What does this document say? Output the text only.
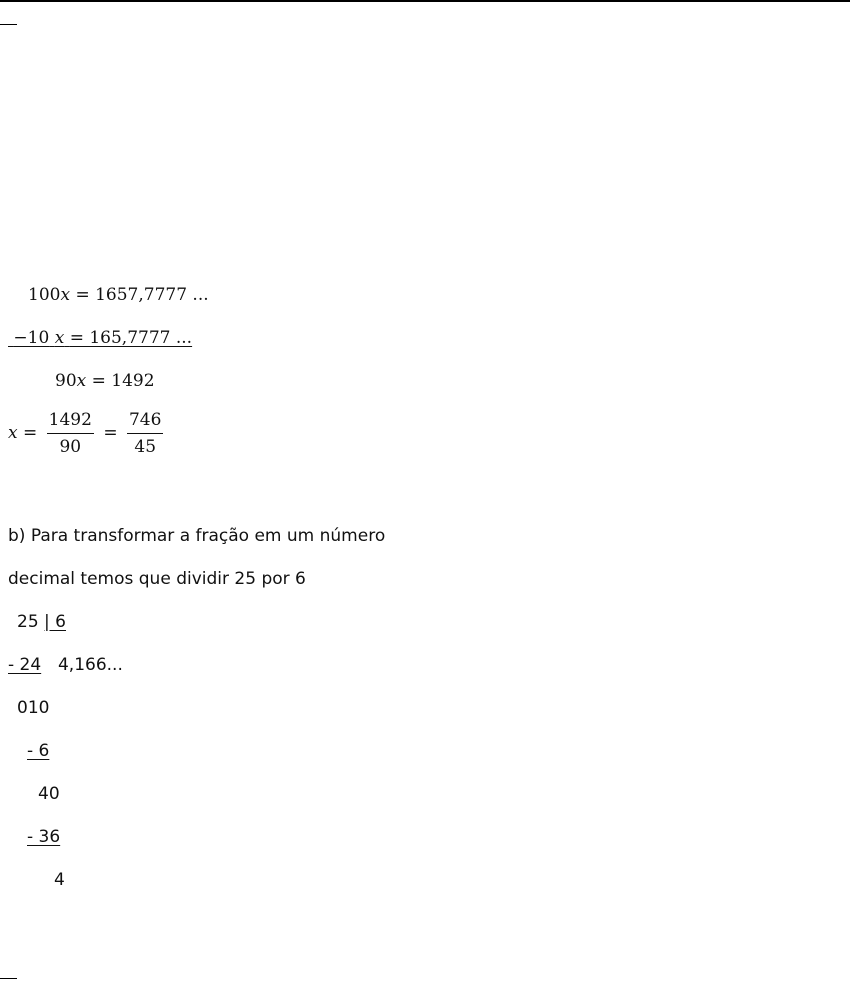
100x = 1657,7777 ...
−10 x = 165,7777 ...
90x = 1492
$x = \frac{1492}{90} = \frac{746}{45}$
b) Para transformar a fração em um número
decimal temos que dividir 25 por 6
25 | 6
- 24 4,166...
010
- 6
40
- 36
4
